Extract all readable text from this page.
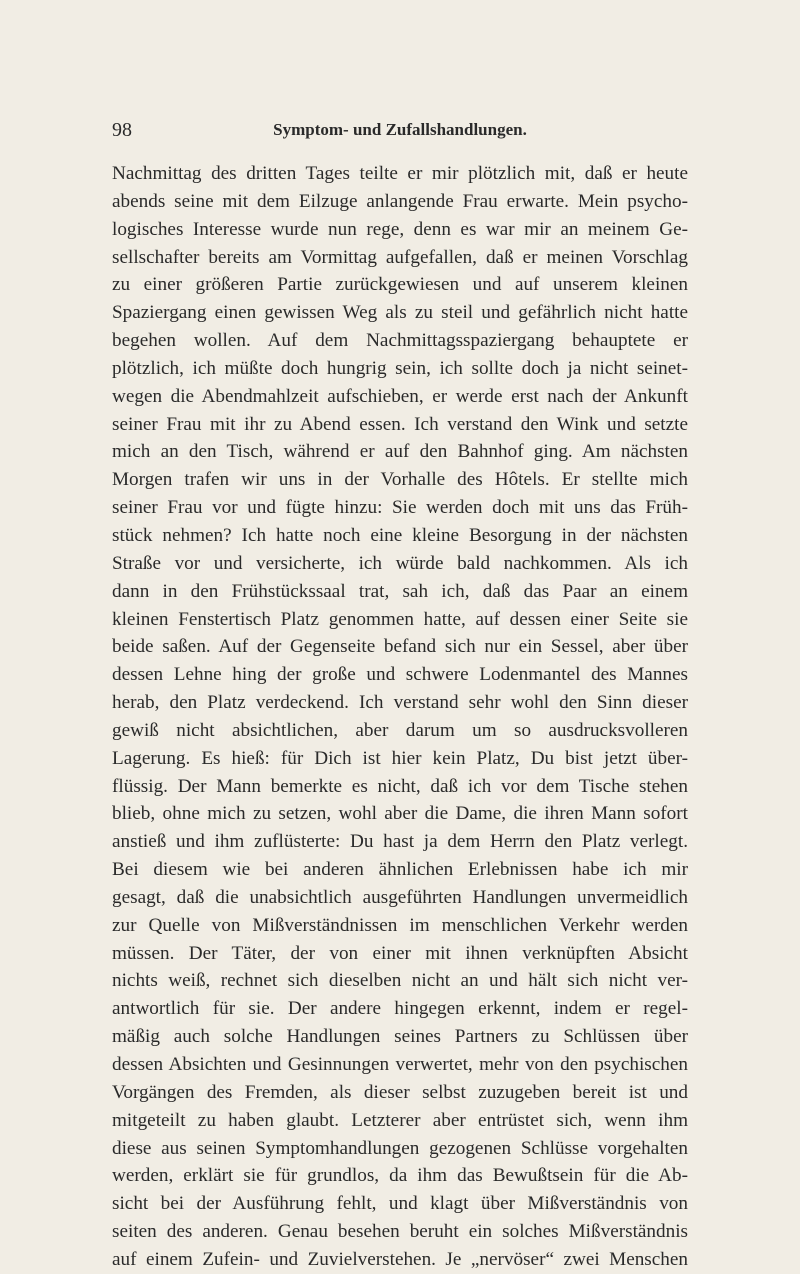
98	Symptom- und Zufallshandlungen.
Nachmittag des dritten Tages teilte er mir plötzlich mit, daß er heute
abends seine mit dem Eilzuge anlangende Frau erwarte. Mein psycho-
logisches Interesse wurde nun rege, denn es war mir an meinem Ge-
sellschafter bereits am Vormittag aufgefallen, daß er meinen Vorschlag
zu einer größeren Partie zurückgewiesen und auf unserem kleinen
Spaziergang einen gewissen Weg als zu steil und gefährlich nicht hatte
begehen wollen. Auf dem Nachmittagsspaziergang behauptete er
plötzlich, ich müßte doch hungrig sein, ich sollte doch ja nicht seinet-
wegen die Abendmahlzeit aufschieben, er werde erst nach der Ankunft
seiner Frau mit ihr zu Abend essen. Ich verstand den Wink und setzte
mich an den Tisch, während er auf den Bahnhof ging. Am nächsten
Morgen trafen wir uns in der Vorhalle des Hôtels. Er stellte mich
seiner Frau vor und fügte hinzu: Sie werden doch mit uns das Früh-
stück nehmen? Ich hatte noch eine kleine Besorgung in der nächsten
Straße vor und versicherte, ich würde bald nachkommen. Als ich
dann in den Frühstückssaal trat, sah ich, daß das Paar an einem
kleinen Fenstertisch Platz genommen hatte, auf dessen einer Seite sie
beide saßen. Auf der Gegenseite befand sich nur ein Sessel, aber über
dessen Lehne hing der große und schwere Lodenmantel des Mannes
herab, den Platz verdeckend. Ich verstand sehr wohl den Sinn dieser
gewiß nicht absichtlichen, aber darum um so ausdrucksvolleren
Lagerung. Es hieß: für Dich ist hier kein Platz, Du bist jetzt über-
flüssig. Der Mann bemerkte es nicht, daß ich vor dem Tische stehen
blieb, ohne mich zu setzen, wohl aber die Dame, die ihren Mann sofort
anstieß und ihm zuflüsterte: Du hast ja dem Herrn den Platz verlegt.
Bei diesem wie bei anderen ähnlichen Erlebnissen habe ich mir
gesagt, daß die unabsichtlich ausgeführten Handlungen unvermeidlich
zur Quelle von Mißverständnissen im menschlichen Verkehr werden
müssen. Der Täter, der von einer mit ihnen verknüpften Absicht
nichts weiß, rechnet sich dieselben nicht an und hält sich nicht ver-
antwortlich für sie. Der andere hingegen erkennt, indem er regel-
mäßig auch solche Handlungen seines Partners zu Schlüssen über
dessen Absichten und Gesinnungen verwertet, mehr von den psychischen
Vorgängen des Fremden, als dieser selbst zuzugeben bereit ist und
mitgeteilt zu haben glaubt. Letzterer aber entrüstet sich, wenn ihm
diese aus seinen Symptomhandlungen gezogenen Schlüsse vorgehalten
werden, erklärt sie für grundlos, da ihm das Bewußtsein für die Ab-
sicht bei der Ausführung fehlt, und klagt über Mißverständnis von
seiten des anderen. Genau besehen beruht ein solches Mißverständnis
auf einem Zufein- und Zuvielverstehen. Je „nervöser“ zwei Menschen
